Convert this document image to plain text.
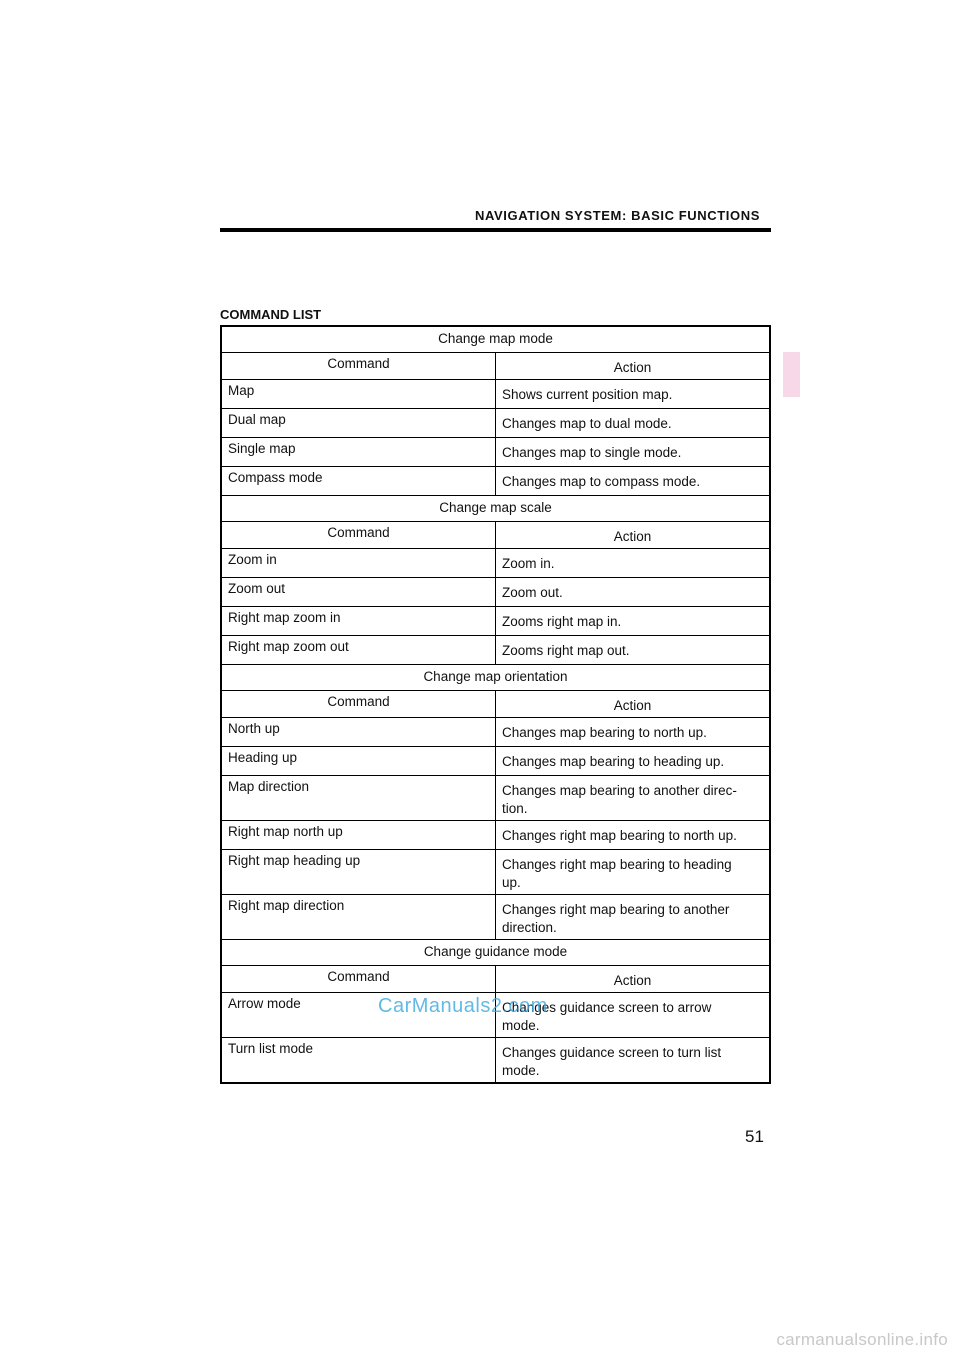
NAVIGATION SYSTEM: BASIC FUNCTIONS
COMMAND LIST
Change map mode	
Command	Action
Map	Shows current position map.
Dual map	Changes map to dual mode.
Single map	Changes map to single mode.
Compass mode	Changes map to compass mode.
Change map scale	
Command	Action
Zoom in	Zoom in.
Zoom out	Zoom out.
Right map zoom in	Zooms right map in.
Right map zoom out	Zooms right map out.
Change map orientation	
Command	Action
North up	Changes map bearing to north up.
Heading up	Changes map bearing to heading up.
Map direction	Changes map bearing to another direc-
tion.
Right map north up	Changes right map bearing to north up.
Right map heading up	Changes right map bearing to heading
up.
Right map direction	Changes right map bearing to another
direction.
Change guidance mode	
Command	Action
Arrow mode	Changes guidance screen to arrow
mode.
Turn list mode	Changes guidance screen to turn list
mode.
CarManuals2.com
51
carmanualsonline.info
